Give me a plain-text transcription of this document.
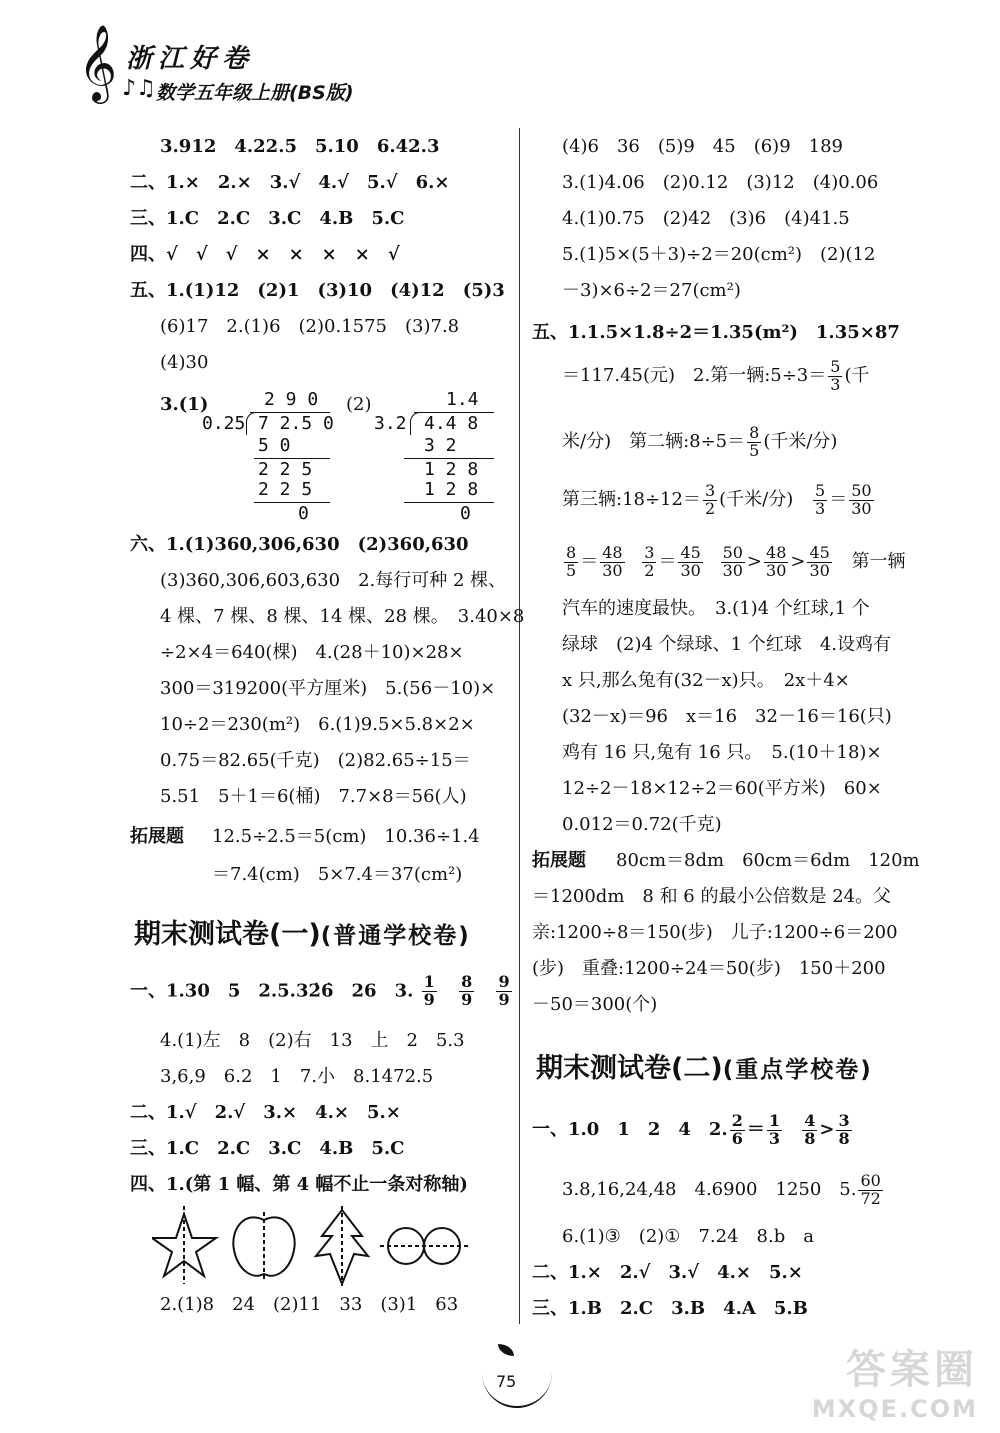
𝄞 ♪♫
浙江好卷
数学五年级上册(BS版)
3.912　4.22.5　5.10　6.42.3
二、1.×　2.×　3.√　4.√　5.√　6.×
三、1.C　2.C　3.C　4.B　5.C
四、√　√　√　×　×　×　×　√
五、1.(1)12　(2)1　(3)10　(4)12　(5)3
(6)17　2.(1)6　(2)0.1575　(3)7.8
(4)30
3.(1)	(2)
2 9 0
0.25 7 2.5 0
5 0
2 2 5
2 2 5
0
1.4
3.2 4.4 8
3 2
1 2 8
1 2 8
0
六、1.(1)360,306,630　(2)360,630
(3)360,306,603,630　2.每行可种 2 棵、
4 棵、7 棵、8 棵、14 棵、28 棵。　3.40×8
÷2×4＝640(棵)　4.(28＋10)×28×
300＝319200(平方厘米)　5.(56－10)×
10÷2＝230(m²)　6.(1)9.5×5.8×2×
0.75＝82.65(千克)　(2)82.65÷15＝
5.51　5＋1＝6(桶)　7.7×8＝56(人)
拓展题 12.5÷2.5＝5(cm)　10.36÷1.4
＝7.4(cm)　5×7.4＝37(cm²)
期末测试卷(一)(普通学校卷)
一、1.30　5　2.5.32̇6̇　26　3. $\frac{1}{9}$
$\frac{8}{9}$
$\frac{9}{9}$
4.(1)左　8　(2)右　13　上　2　5.3
3,6,9　6.2　1　7.小　8.1472.5
二、1.√　2.√　3.×　4.×　5.×
三、1.C　2.C　3.C　4.B　5.C
四、1.(第 1 幅、第 4 幅不止一条对称轴)
2.(1)8　24　(2)11　33　(3)1　63
(4)6　36　(5)9　45　(6)9　189
3.(1)4.06　(2)0.12　(3)12　(4)0.06
4.(1)0.75　(2)42　(3)6　(4)41.5
5.(1)5×(5＋3)÷2＝20(cm²)　(2)(12
－3)×6÷2＝27(cm²)
五、1.1.5×1.8÷2＝1.35(m²)　1.35×87
＝117.45(元)　2.第一辆:5÷3＝ $\frac{5}{3}$ (千
米/分)　第二辆:8÷5＝ $\frac{8}{5}$ (千米/分)
第三辆:18÷12＝ $\frac{3}{2}$ (千米/分) $\frac{5}{3} = \frac{50}{30}$
$\frac{8}{5} = \frac{48}{30}$
$\frac{3}{2} = \frac{45}{30}$
$\frac{50}{30} > \frac{48}{30} > \frac{45}{30}$ 第一辆
汽车的速度最快。　3.(1)4 个红球,1 个
绿球　(2)4 个绿球、1 个红球　4.设鸡有
x 只,那么兔有(32－x)只。　2x＋4×
(32－x)＝96　x＝16　32－16＝16(只)
鸡有 16 只,兔有 16 只。　5.(10＋18)×
12÷2－18×12÷2＝60(平方米)　60×
0.012＝0.72(千克)
拓展题 80cm＝8dm　60cm＝6dm　120m
＝1200dm　8 和 6 的最小公倍数是 24。父
亲:1200÷8＝150(步)　儿子:1200÷6＝200
(步)　重叠:1200÷24＝50(步)　150＋200
－50＝300(个)
期末测试卷(二)(重点学校卷)
一、1.0　1　2　4　2. $\frac{2}{6} = \frac{1}{3}$
$\frac{4}{8} > \frac{3}{8}$
3.8,16,24,48　4.6900　1250　5. $\frac{60}{72}$
6.(1)③　(2)①　7.24　8.b　a
二、1.×　2.√　3.√　4.×　5.×
三、1.B　2.C　3.B　4.A　5.B
75	答案圈
MXQE.COM
